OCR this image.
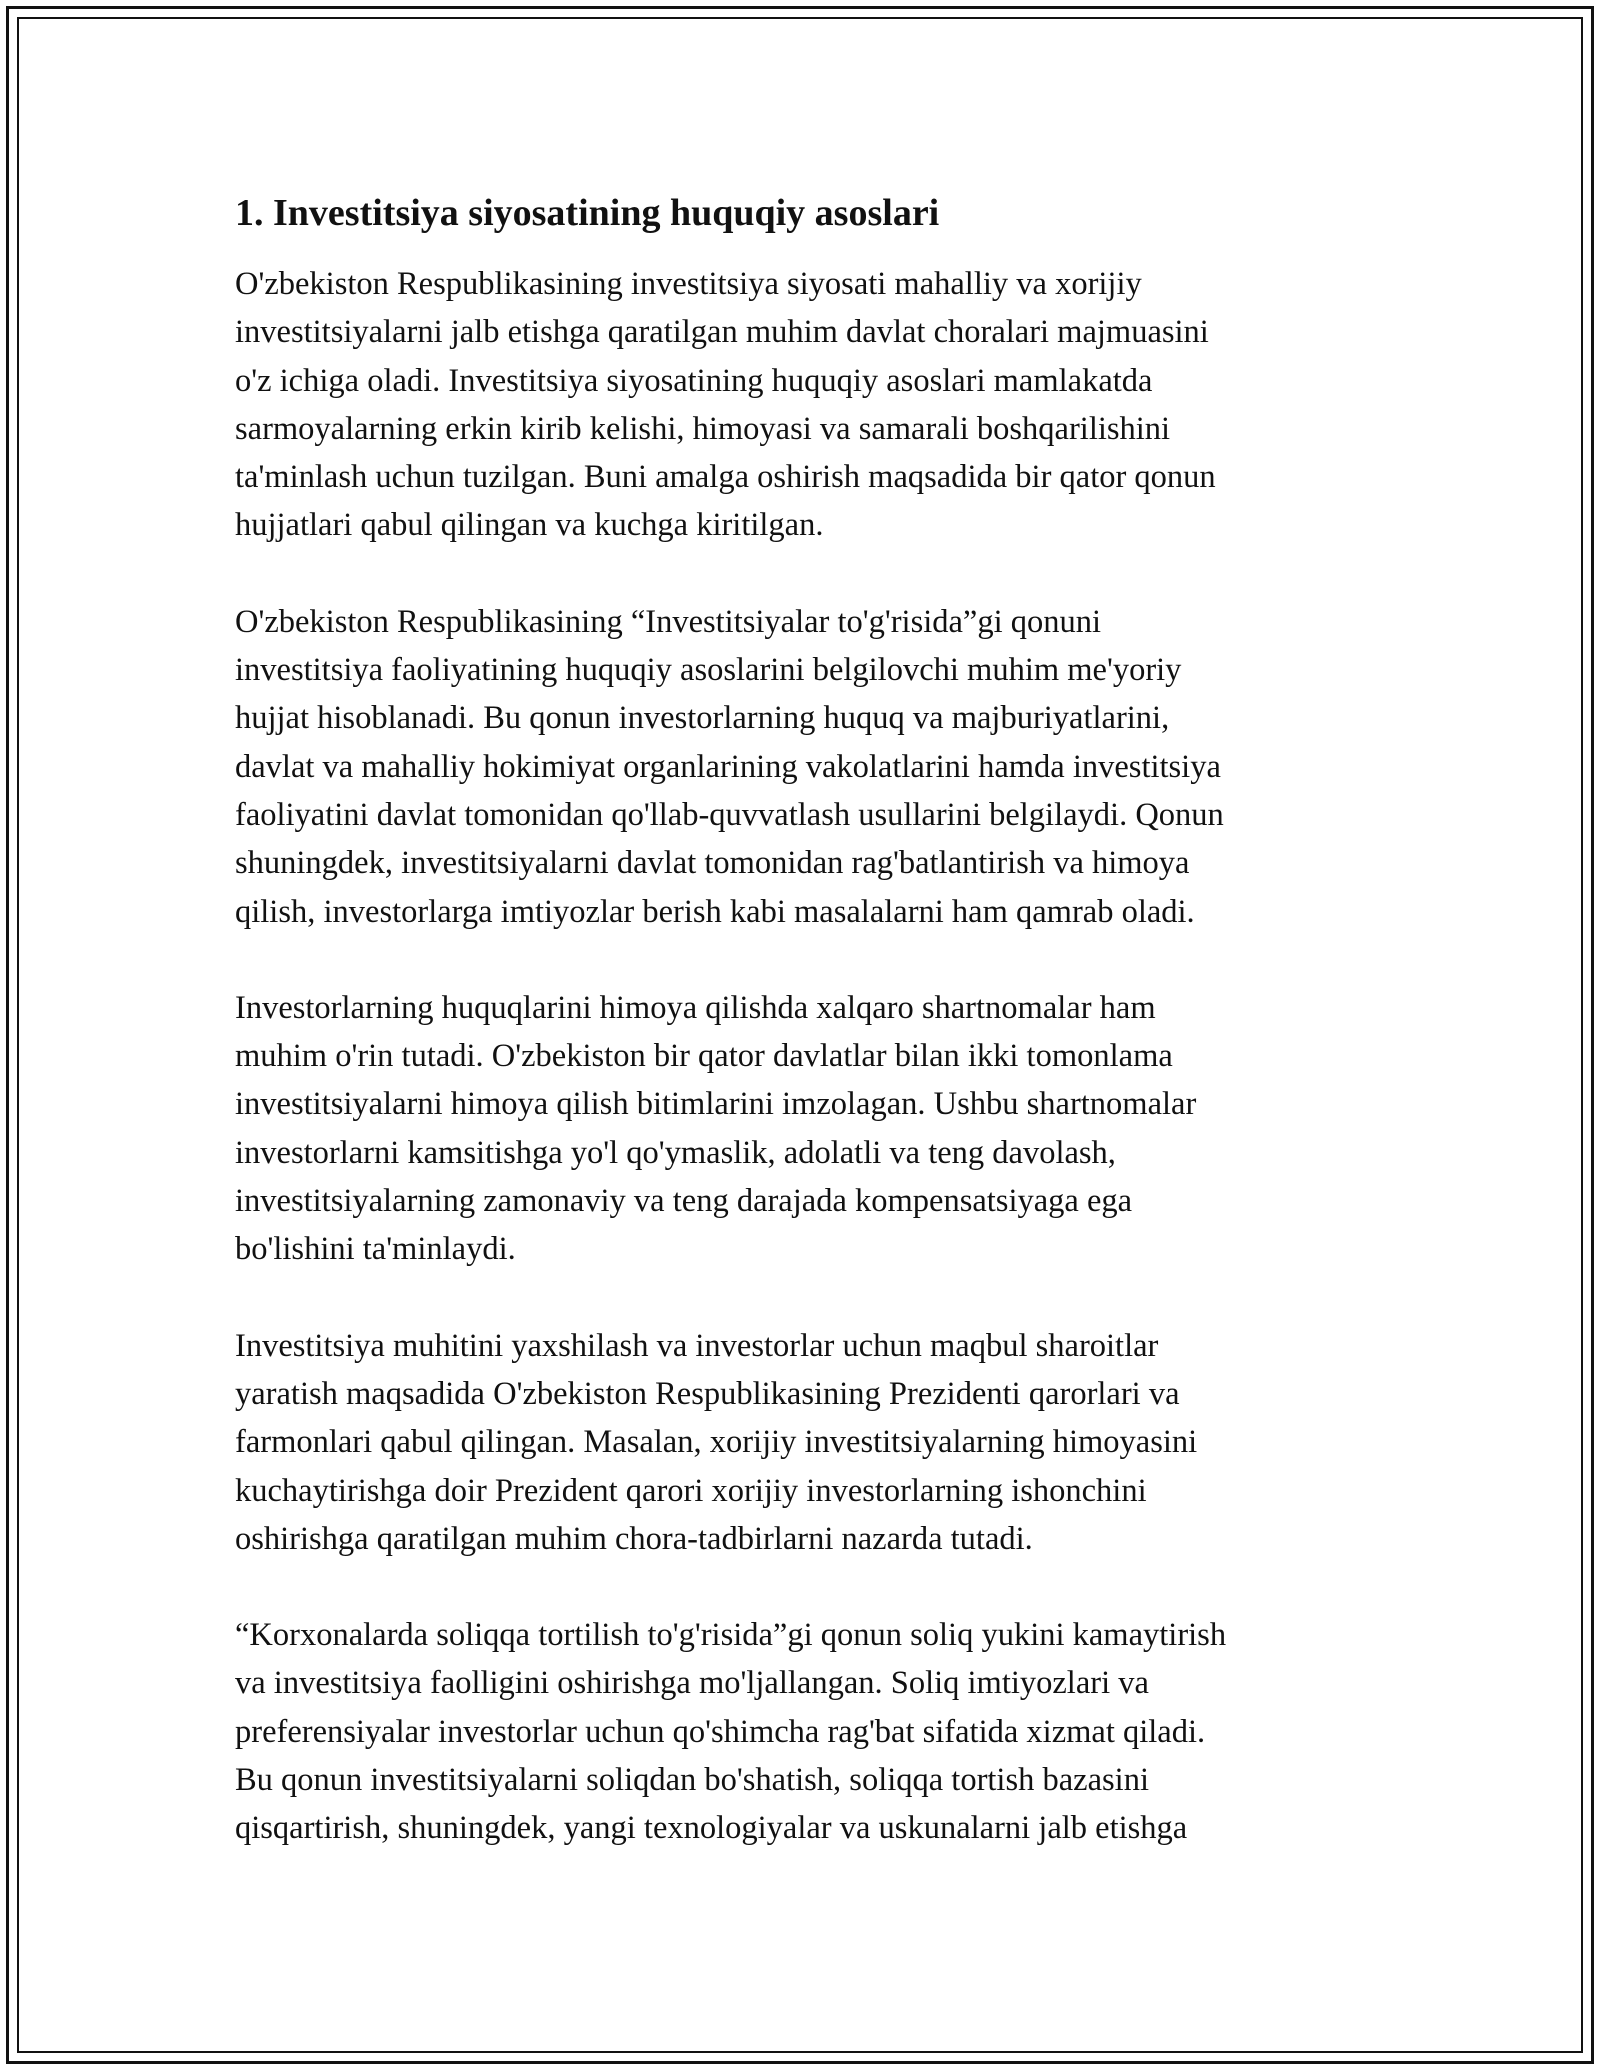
1. Investitsiya siyosatining huquqiy asoslari

O'zbekiston Respublikasining investitsiya siyosati mahalliy va xorijiy
investitsiyalarni jalb etishga qaratilgan muhim davlat choralari majmuasini
o'z ichiga oladi. Investitsiya siyosatining huquqiy asoslari mamlakatda
sarmoyalarning erkin kirib kelishi, himoyasi va samarali boshqarilishini
ta'minlash uchun tuzilgan. Buni amalga oshirish maqsadida bir qator qonun
hujjatlari qabul qilingan va kuchga kiritilgan.

O'zbekiston Respublikasining “Investitsiyalar to'g'risida”gi qonuni
investitsiya faoliyatining huquqiy asoslarini belgilovchi muhim me'yoriy
hujjat hisoblanadi. Bu qonun investorlarning huquq va majburiyatlarini,
davlat va mahalliy hokimiyat organlarining vakolatlarini hamda investitsiya
faoliyatini davlat tomonidan qo'llab-quvvatlash usullarini belgilaydi. Qonun
shuningdek, investitsiyalarni davlat tomonidan rag'batlantirish va himoya
qilish, investorlarga imtiyozlar berish kabi masalalarni ham qamrab oladi.

Investorlarning huquqlarini himoya qilishda xalqaro shartnomalar ham
muhim o'rin tutadi. O'zbekiston bir qator davlatlar bilan ikki tomonlama
investitsiyalarni himoya qilish bitimlarini imzolagan. Ushbu shartnomalar
investorlarni kamsitishga yo'l qo'ymaslik, adolatli va teng davolash,
investitsiyalarning zamonaviy va teng darajada kompensatsiyaga ega
bo'lishini ta'minlaydi.

Investitsiya muhitini yaxshilash va investorlar uchun maqbul sharoitlar
yaratish maqsadida O'zbekiston Respublikasining Prezidenti qarorlari va
farmonlari qabul qilingan. Masalan, xorijiy investitsiyalarning himoyasini
kuchaytirishga doir Prezident qarori xorijiy investorlarning ishonchini
oshirishga qaratilgan muhim chora-tadbirlarni nazarda tutadi.

“Korxonalarda soliqqa tortilish to'g'risida”gi qonun soliq yukini kamaytirish
va investitsiya faolligini oshirishga mo'ljallangan. Soliq imtiyozlari va
preferensiyalar investorlar uchun qo'shimcha rag'bat sifatida xizmat qiladi.
Bu qonun investitsiyalarni soliqdan bo'shatish, soliqqa tortish bazasini
qisqartirish, shuningdek, yangi texnologiyalar va uskunalarni jalb etishga
